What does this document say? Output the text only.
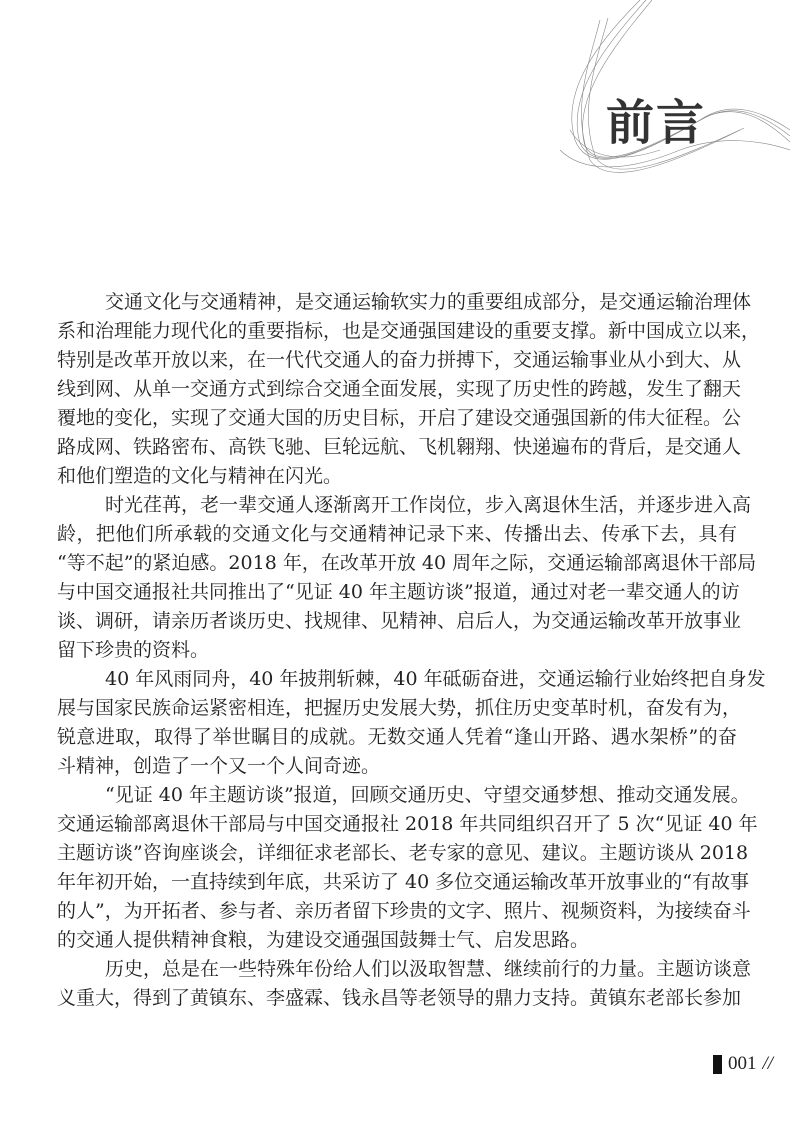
前言
交通文化与交通精神，是交通运输软实力的重要组成部分，是交通运输治理体
系和治理能力现代化的重要指标，也是交通强国建设的重要支撑。新中国成立以来，
特别是改革开放以来，在一代代交通人的奋力拼搏下，交通运输事业从小到大、从
线到网、从单一交通方式到综合交通全面发展，实现了历史性的跨越，发生了翻天
覆地的变化，实现了交通大国的历史目标，开启了建设交通强国新的伟大征程。公
路成网、铁路密布、高铁飞驰、巨轮远航、飞机翱翔、快递遍布的背后，是交通人
和他们塑造的文化与精神在闪光。
时光荏苒，老一辈交通人逐渐离开工作岗位，步入离退休生活，并逐步进入高
龄，把他们所承载的交通文化与交通精神记录下来、传播出去、传承下去，具有
“等不起”的紧迫感。2018 年，在改革开放 40 周年之际，交通运输部离退休干部局
与中国交通报社共同推出了“见证 40 年主题访谈”报道，通过对老一辈交通人的访
谈、调研，请亲历者谈历史、找规律、见精神、启后人，为交通运输改革开放事业
留下珍贵的资料。
40 年风雨同舟，40 年披荆斩棘，40 年砥砺奋进，交通运输行业始终把自身发
展与国家民族命运紧密相连，把握历史发展大势，抓住历史变革时机，奋发有为，
锐意进取，取得了举世瞩目的成就。无数交通人凭着“逢山开路、遇水架桥”的奋
斗精神，创造了一个又一个人间奇迹。
“见证 40 年主题访谈”报道，回顾交通历史、守望交通梦想、推动交通发展。
交通运输部离退休干部局与中国交通报社 2018 年共同组织召开了 5 次“见证 40 年
主题访谈”咨询座谈会，详细征求老部长、老专家的意见、建议。主题访谈从 2018
年年初开始，一直持续到年底，共采访了 40 多位交通运输改革开放事业的“有故事
的人”，为开拓者、参与者、亲历者留下珍贵的文字、照片、视频资料，为接续奋斗
的交通人提供精神食粮，为建设交通强国鼓舞士气、启发思路。
历史，总是在一些特殊年份给人们以汲取智慧、继续前行的力量。主题访谈意
义重大，得到了黄镇东、李盛霖、钱永昌等老领导的鼎力支持。黄镇东老部长参加
001 //
